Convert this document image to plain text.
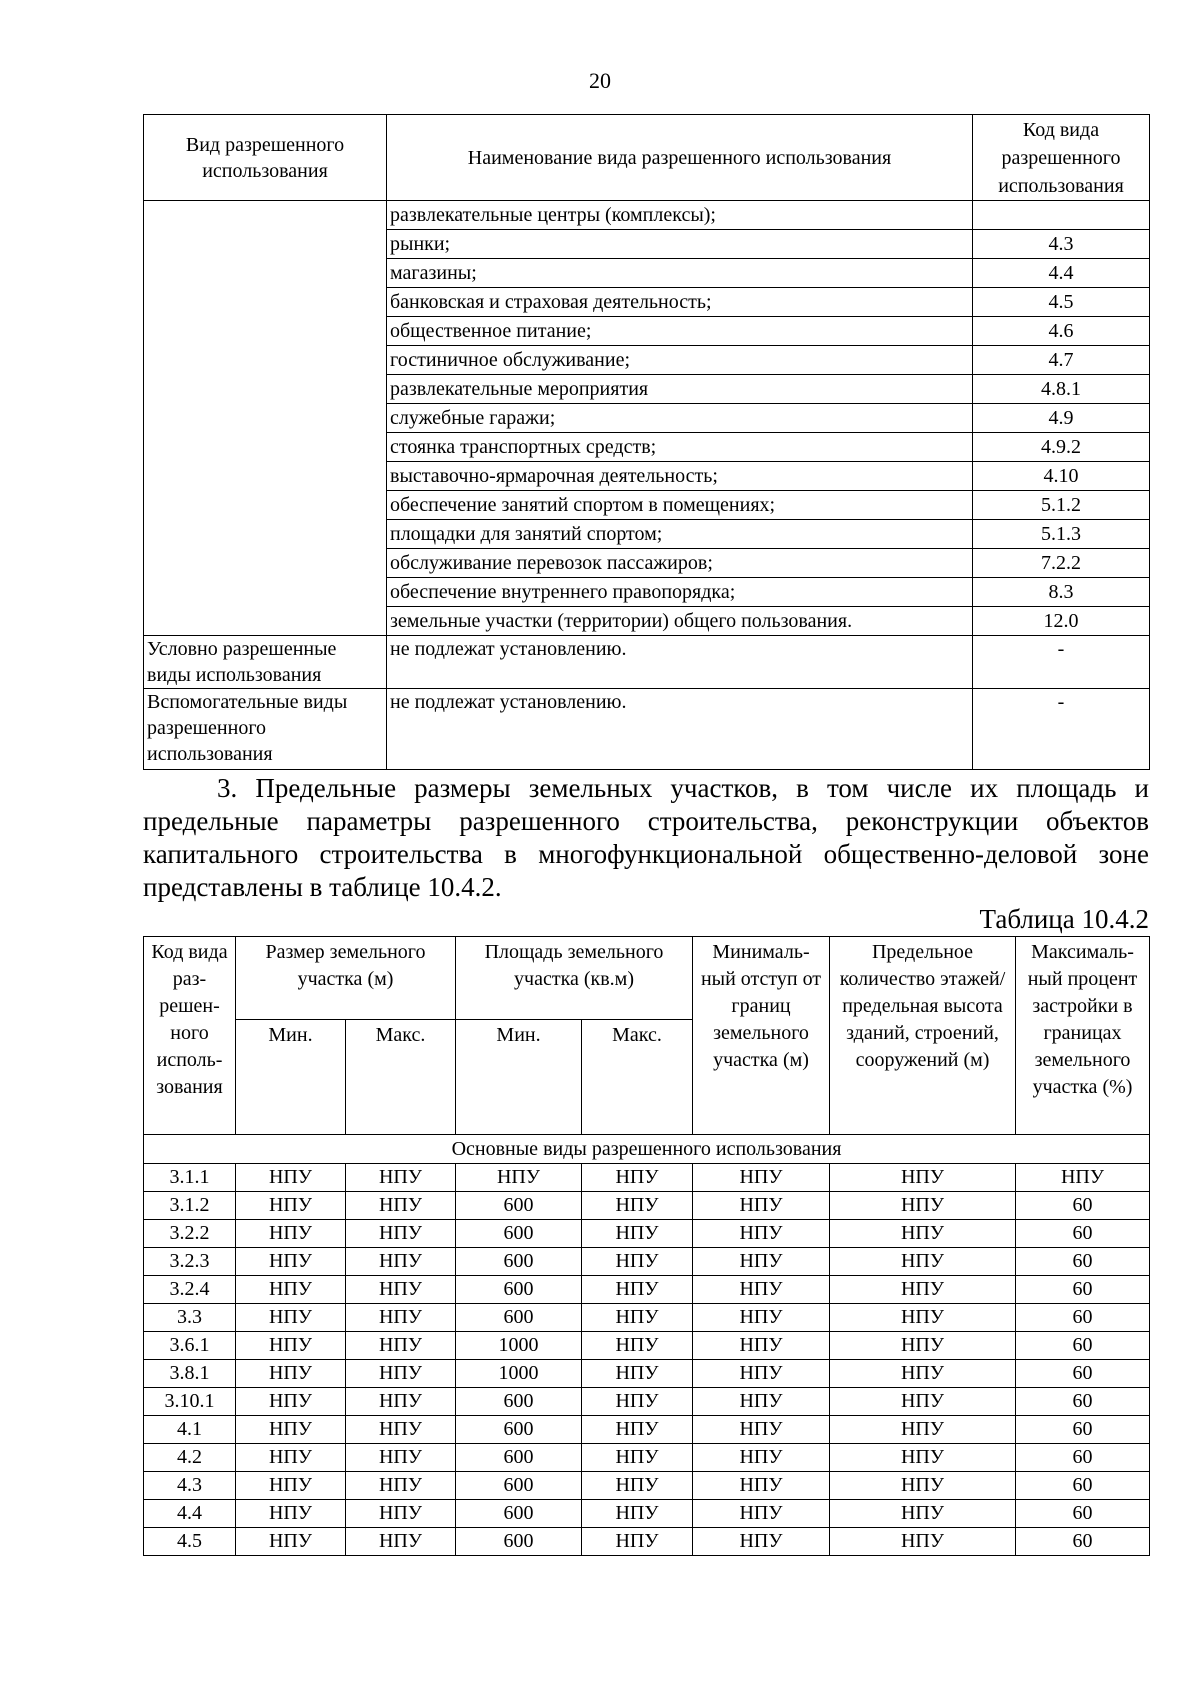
20
Вид разрешенного использования	Наименование вида разрешенного использования	Код вида разрешенного использования
	развлекательные центры (комплексы);	
	рынки;	4.3
	магазины;	4.4
	банковская и страховая деятельность;	4.5
	общественное питание;	4.6
	гостиничное обслуживание;	4.7
	развлекательные мероприятия	4.8.1
	служебные гаражи;	4.9
	стоянка транспортных средств;	4.9.2
	выставочно-ярмарочная деятельность;	4.10
	обеспечение занятий спортом в помещениях;	5.1.2
	площадки для занятий спортом;	5.1.3
	обслуживание перевозок пассажиров;	7.2.2
	обеспечение внутреннего правопорядка;	8.3
	земельные участки (территории) общего пользования.	12.0
Условно разрешенные виды использования	не подлежат установлению.	-
Вспомогательные виды разрешенного использования	не подлежат установлению.	-

3. Предельные размеры земельных участков, в том числе их площадь и предельные параметры разрешенного строительства, реконструкции объектов капитального строительства в многофункциональной общественно-деловой зоне представлены в таблице 10.4.2.

Таблица 10.4.2
Код вида раз-решен-ного исполь-зования	Размер земельного участка (м)		Площадь земельного участка (кв.м)		Минималь-ный отступ от границ земельного участка (м)	Предельное количество этажей/ предельная высота зданий, строений, сооружений (м)	Максималь-ный процент застройки в границах земельного участка (%)
	Мин.	Макс.	Мин.	Макс.			
Основные виды разрешенного использования							
3.1.1	НПУ	НПУ	НПУ	НПУ	НПУ	НПУ	НПУ
3.1.2	НПУ	НПУ	600	НПУ	НПУ	НПУ	60
3.2.2	НПУ	НПУ	600	НПУ	НПУ	НПУ	60
3.2.3	НПУ	НПУ	600	НПУ	НПУ	НПУ	60
3.2.4	НПУ	НПУ	600	НПУ	НПУ	НПУ	60
3.3	НПУ	НПУ	600	НПУ	НПУ	НПУ	60
3.6.1	НПУ	НПУ	1000	НПУ	НПУ	НПУ	60
3.8.1	НПУ	НПУ	1000	НПУ	НПУ	НПУ	60
3.10.1	НПУ	НПУ	600	НПУ	НПУ	НПУ	60
4.1	НПУ	НПУ	600	НПУ	НПУ	НПУ	60
4.2	НПУ	НПУ	600	НПУ	НПУ	НПУ	60
4.3	НПУ	НПУ	600	НПУ	НПУ	НПУ	60
4.4	НПУ	НПУ	600	НПУ	НПУ	НПУ	60
4.5	НПУ	НПУ	600	НПУ	НПУ	НПУ	60
